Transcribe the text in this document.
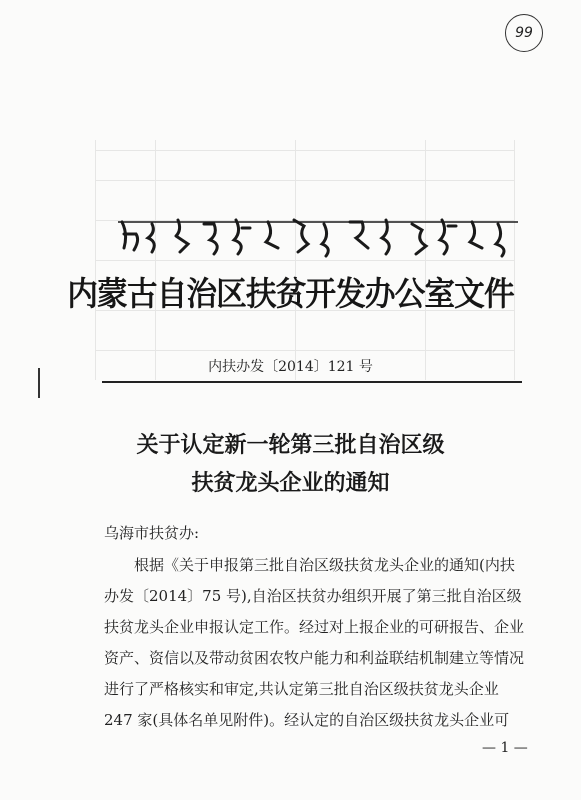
99
内蒙古自治区扶贫开发办公室文件
内扶办发〔2014〕121 号
关于认定新一轮第三批自治区级
扶贫龙头企业的通知
乌海市扶贫办:
根据《关于申报第三批自治区级扶贫龙头企业的通知(内扶
办发〔2014〕75 号),自治区扶贫办组织开展了第三批自治区级
扶贫龙头企业申报认定工作。经过对上报企业的可研报告、企业
资产、资信以及带动贫困农牧户能力和利益联结机制建立等情况
进行了严格核实和审定,共认定第三批自治区级扶贫龙头企业
247 家(具体名单见附件)。经认定的自治区级扶贫龙头企业可
— 1 —
